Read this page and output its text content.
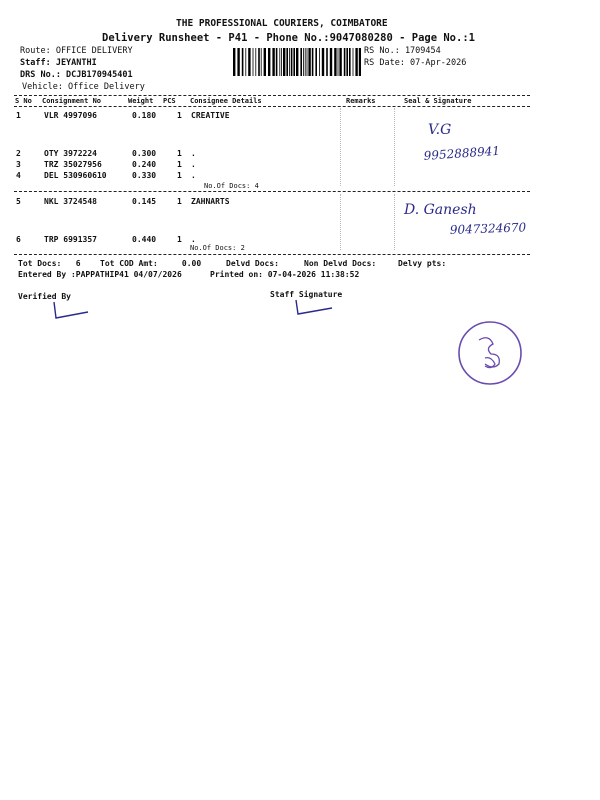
THE PROFESSIONAL COURIERS, COIMBATORE
Delivery Runsheet - P41 - Phone No.:9047080280 - Page No.:1
Route: OFFICE DELIVERY
Staff: JEYANTHI
DRS No.: DCJB170945401
Vehicle: Office Delivery
RS No.: 1709454
RS Date: 07-Apr-2026
S No Consignment No	Weight PCS Consignee Details	Remarks	Seal & Signature
1	VLR 4997096	0.180	1 CREATIVE
2	OTY 3972224	0.300	1 .
3	TRZ 35027956	0.240	1 .
4	DEL 530960610	0.330	1 .
No.Of Docs: 4
5	NKL 3724548	0.145	1 ZAHNARTS
6	TRP 6991357	0.440	1 .
No.Of Docs: 2
V.G
9952888941
D. Ganesh
9047324670
Tot Docs:   6 Tot COD Amt:     0.00	Delvd Docs:	Non Delvd Docs:	Delvy pts:
Entered By :PAPPATHIP41 04/07/2026	Printed on: 07-04-2026 11:38:52
Verified By	Staff Signature
